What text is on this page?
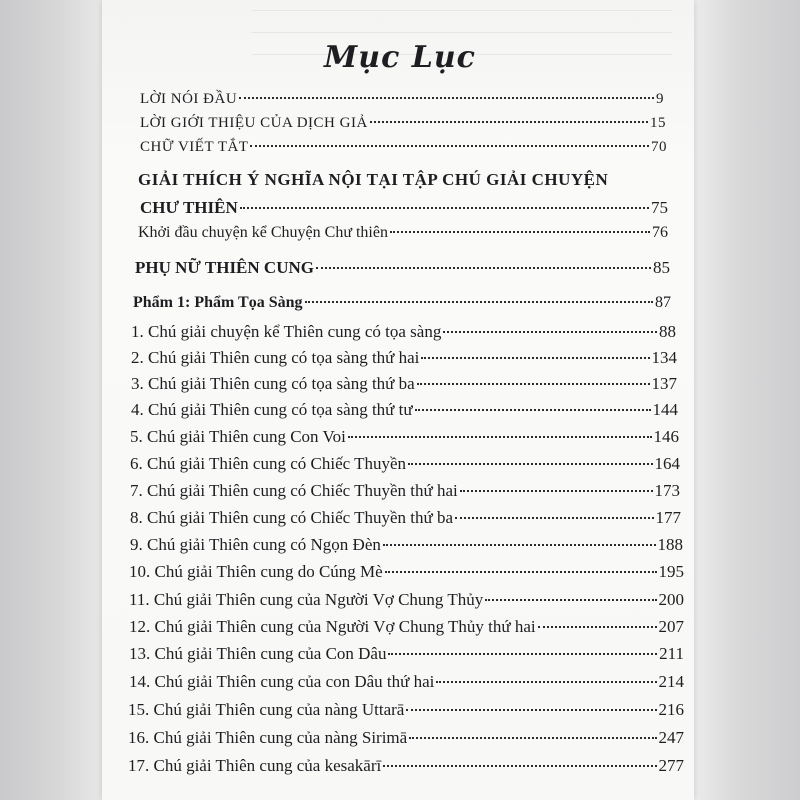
Mục Lục
LỜI NÓI ĐẦU	9
LỜI GIỚI THIỆU CỦA DỊCH GIẢ	15
CHỮ VIẾT TẮT	70
GIẢI THÍCH Ý NGHĨA NỘI TẠI TẬP CHÚ GIẢI CHUYỆN
CHƯ THIÊN	75
Khởi đầu chuyện kể Chuyện Chư thiên	76
PHỤ NỮ THIÊN CUNG	85
Phẩm 1: Phẩm Tọa Sàng	87
1. Chú giải chuyện kể Thiên cung có tọa sàng	88
2. Chú giải Thiên cung có tọa sàng thứ hai	134
3. Chú giải Thiên cung có tọa sàng thứ ba	137
4. Chú giải Thiên cung có tọa sàng thứ tư	144
5. Chú giải Thiên cung Con Voi	146
6. Chú giải Thiên cung có Chiếc Thuyền	164
7. Chú giải Thiên cung có Chiếc Thuyền thứ hai	173
8. Chú giải Thiên cung có Chiếc Thuyền thứ ba	177
9. Chú giải Thiên cung có Ngọn Đèn	188
10. Chú giải Thiên cung do Cúng Mè	195
11. Chú giải Thiên cung của Người Vợ Chung Thủy	200
12. Chú giải Thiên cung của Người Vợ Chung Thủy thứ hai	207
13. Chú giải Thiên cung của Con Dâu	211
14. Chú giải Thiên cung của con Dâu thứ hai	214
15. Chú giải Thiên cung của nàng Uttarā	216
16. Chú giải Thiên cung của nàng Sirimā	247
17. Chú giải Thiên cung của kesakārī	277
